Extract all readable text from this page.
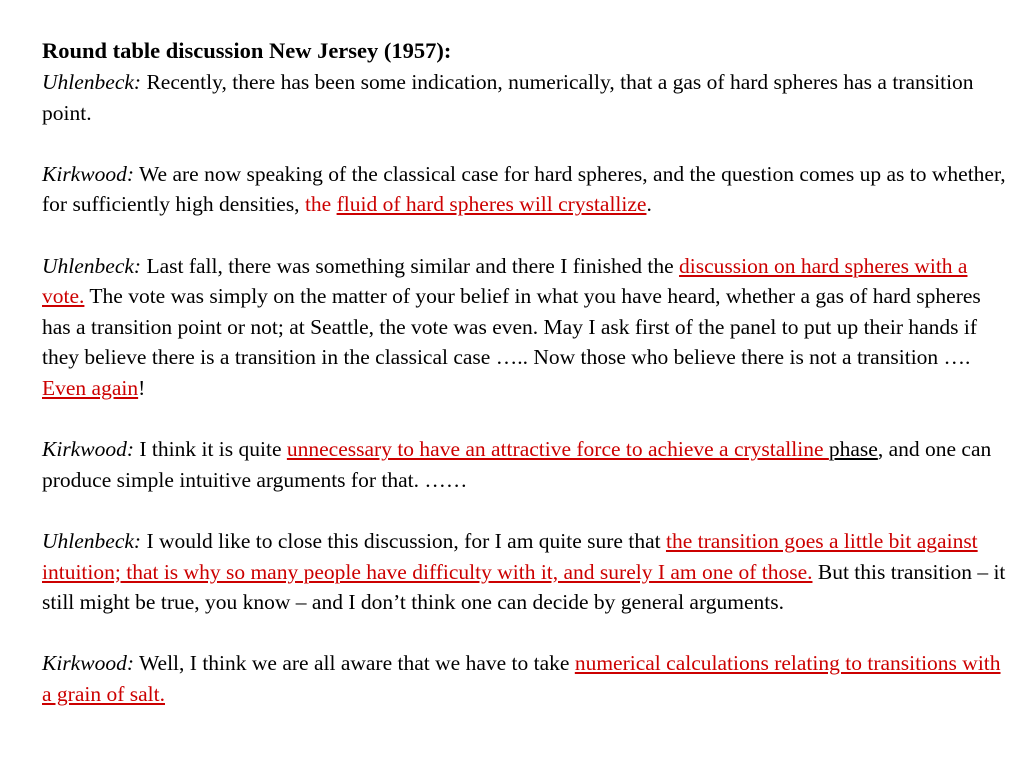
Round table discussion New Jersey (1957):

Uhlenbeck: Recently, there has been some indication, numerically, that a gas of hard spheres has a transition point.

Kirkwood: We are now speaking of the classical case for hard spheres, and the question comes up as to whether, for sufficiently high densities, the fluid of hard spheres will crystallize.

Uhlenbeck: Last fall, there was something similar and there I finished the discussion on hard spheres with a vote. The vote was simply on the matter of your belief in what you have heard, whether a gas of hard spheres has a transition point or not; at Seattle, the vote was even. May I ask first of the panel to put up their hands if they believe there is a transition in the classical case ….. Now those who believe there is not a transition …. Even again!

Kirkwood: I think it is quite unnecessary to have an attractive force to achieve a crystalline phase, and one can produce simple intuitive arguments for that. ……

Uhlenbeck: I would like to close this discussion, for I am quite sure that the transition goes a little bit against intuition; that is why so many people have difficulty with it, and surely I am one of those. But this transition – it still might be true, you know – and I don’t think one can decide by general arguments.

Kirkwood: Well, I think we are all aware that we have to take numerical calculations relating to transitions with a grain of salt.
